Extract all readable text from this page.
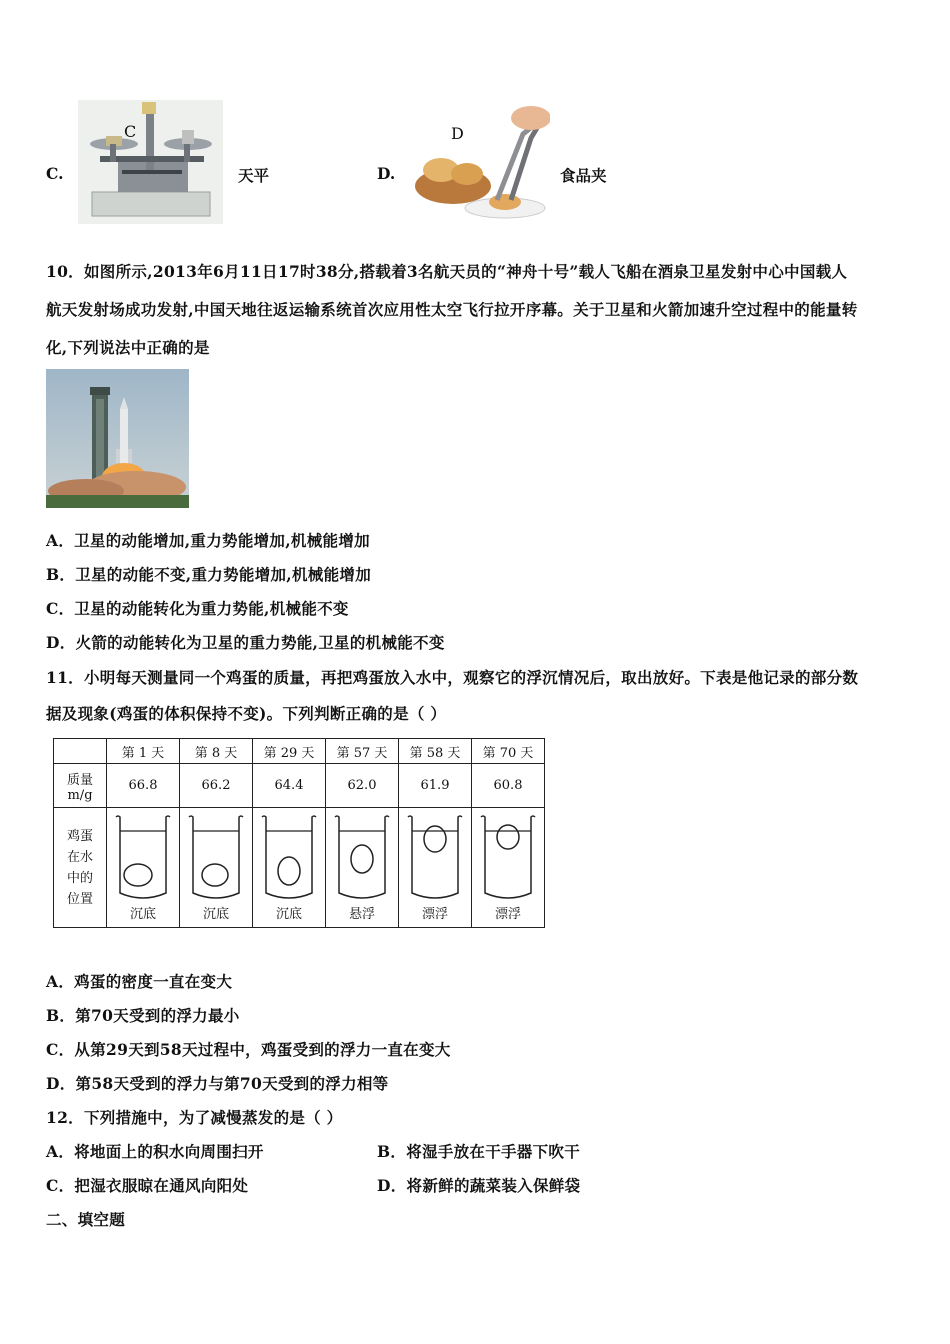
C.
C
天平	D.
D
食品夹
10．如图所示,2013年6月11日17时38分,搭载着3名航天员的“神舟十号”载人飞船在酒泉卫星发射中心中国载人
航天发射场成功发射,中国天地往返运输系统首次应用性太空飞行拉开序幕。关于卫星和火箭加速升空过程中的能量转
化,下列说法中正确的是
A．卫星的动能增加,重力势能增加,机械能增加
B．卫星的动能不变,重力势能增加,机械能增加
C．卫星的动能转化为重力势能,机械能不变
D．火箭的动能转化为卫星的重力势能,卫星的机械能不变
11．小明每天测量同一个鸡蛋的质量，再把鸡蛋放入水中，观察它的浮沉情况后，取出放好。下表是他记录的部分数
据及现象(鸡蛋的体积保持不变)。下列判断正确的是（ ）
	第 1 天	第 8 天	第 29 天	第 57 天	第 58 天	第 70 天

质量
m/g	66.8	66.2	64.4	62.0	61.9	60.8

鸡蛋
在水
中的
位置	沉底	沉底	沉底	悬浮	漂浮	漂浮
A．鸡蛋的密度一直在变大
B．第70天受到的浮力最小
C．从第29天到58天过程中，鸡蛋受到的浮力一直在变大
D．第58天受到的浮力与第70天受到的浮力相等
12．下列措施中，为了减慢蒸发的是（ ）
A．将地面上的积水向周围扫开	B．将湿手放在干手器下吹干
C．把湿衣服晾在通风向阳处	D．将新鲜的蔬菜装入保鲜袋
二、填空题
